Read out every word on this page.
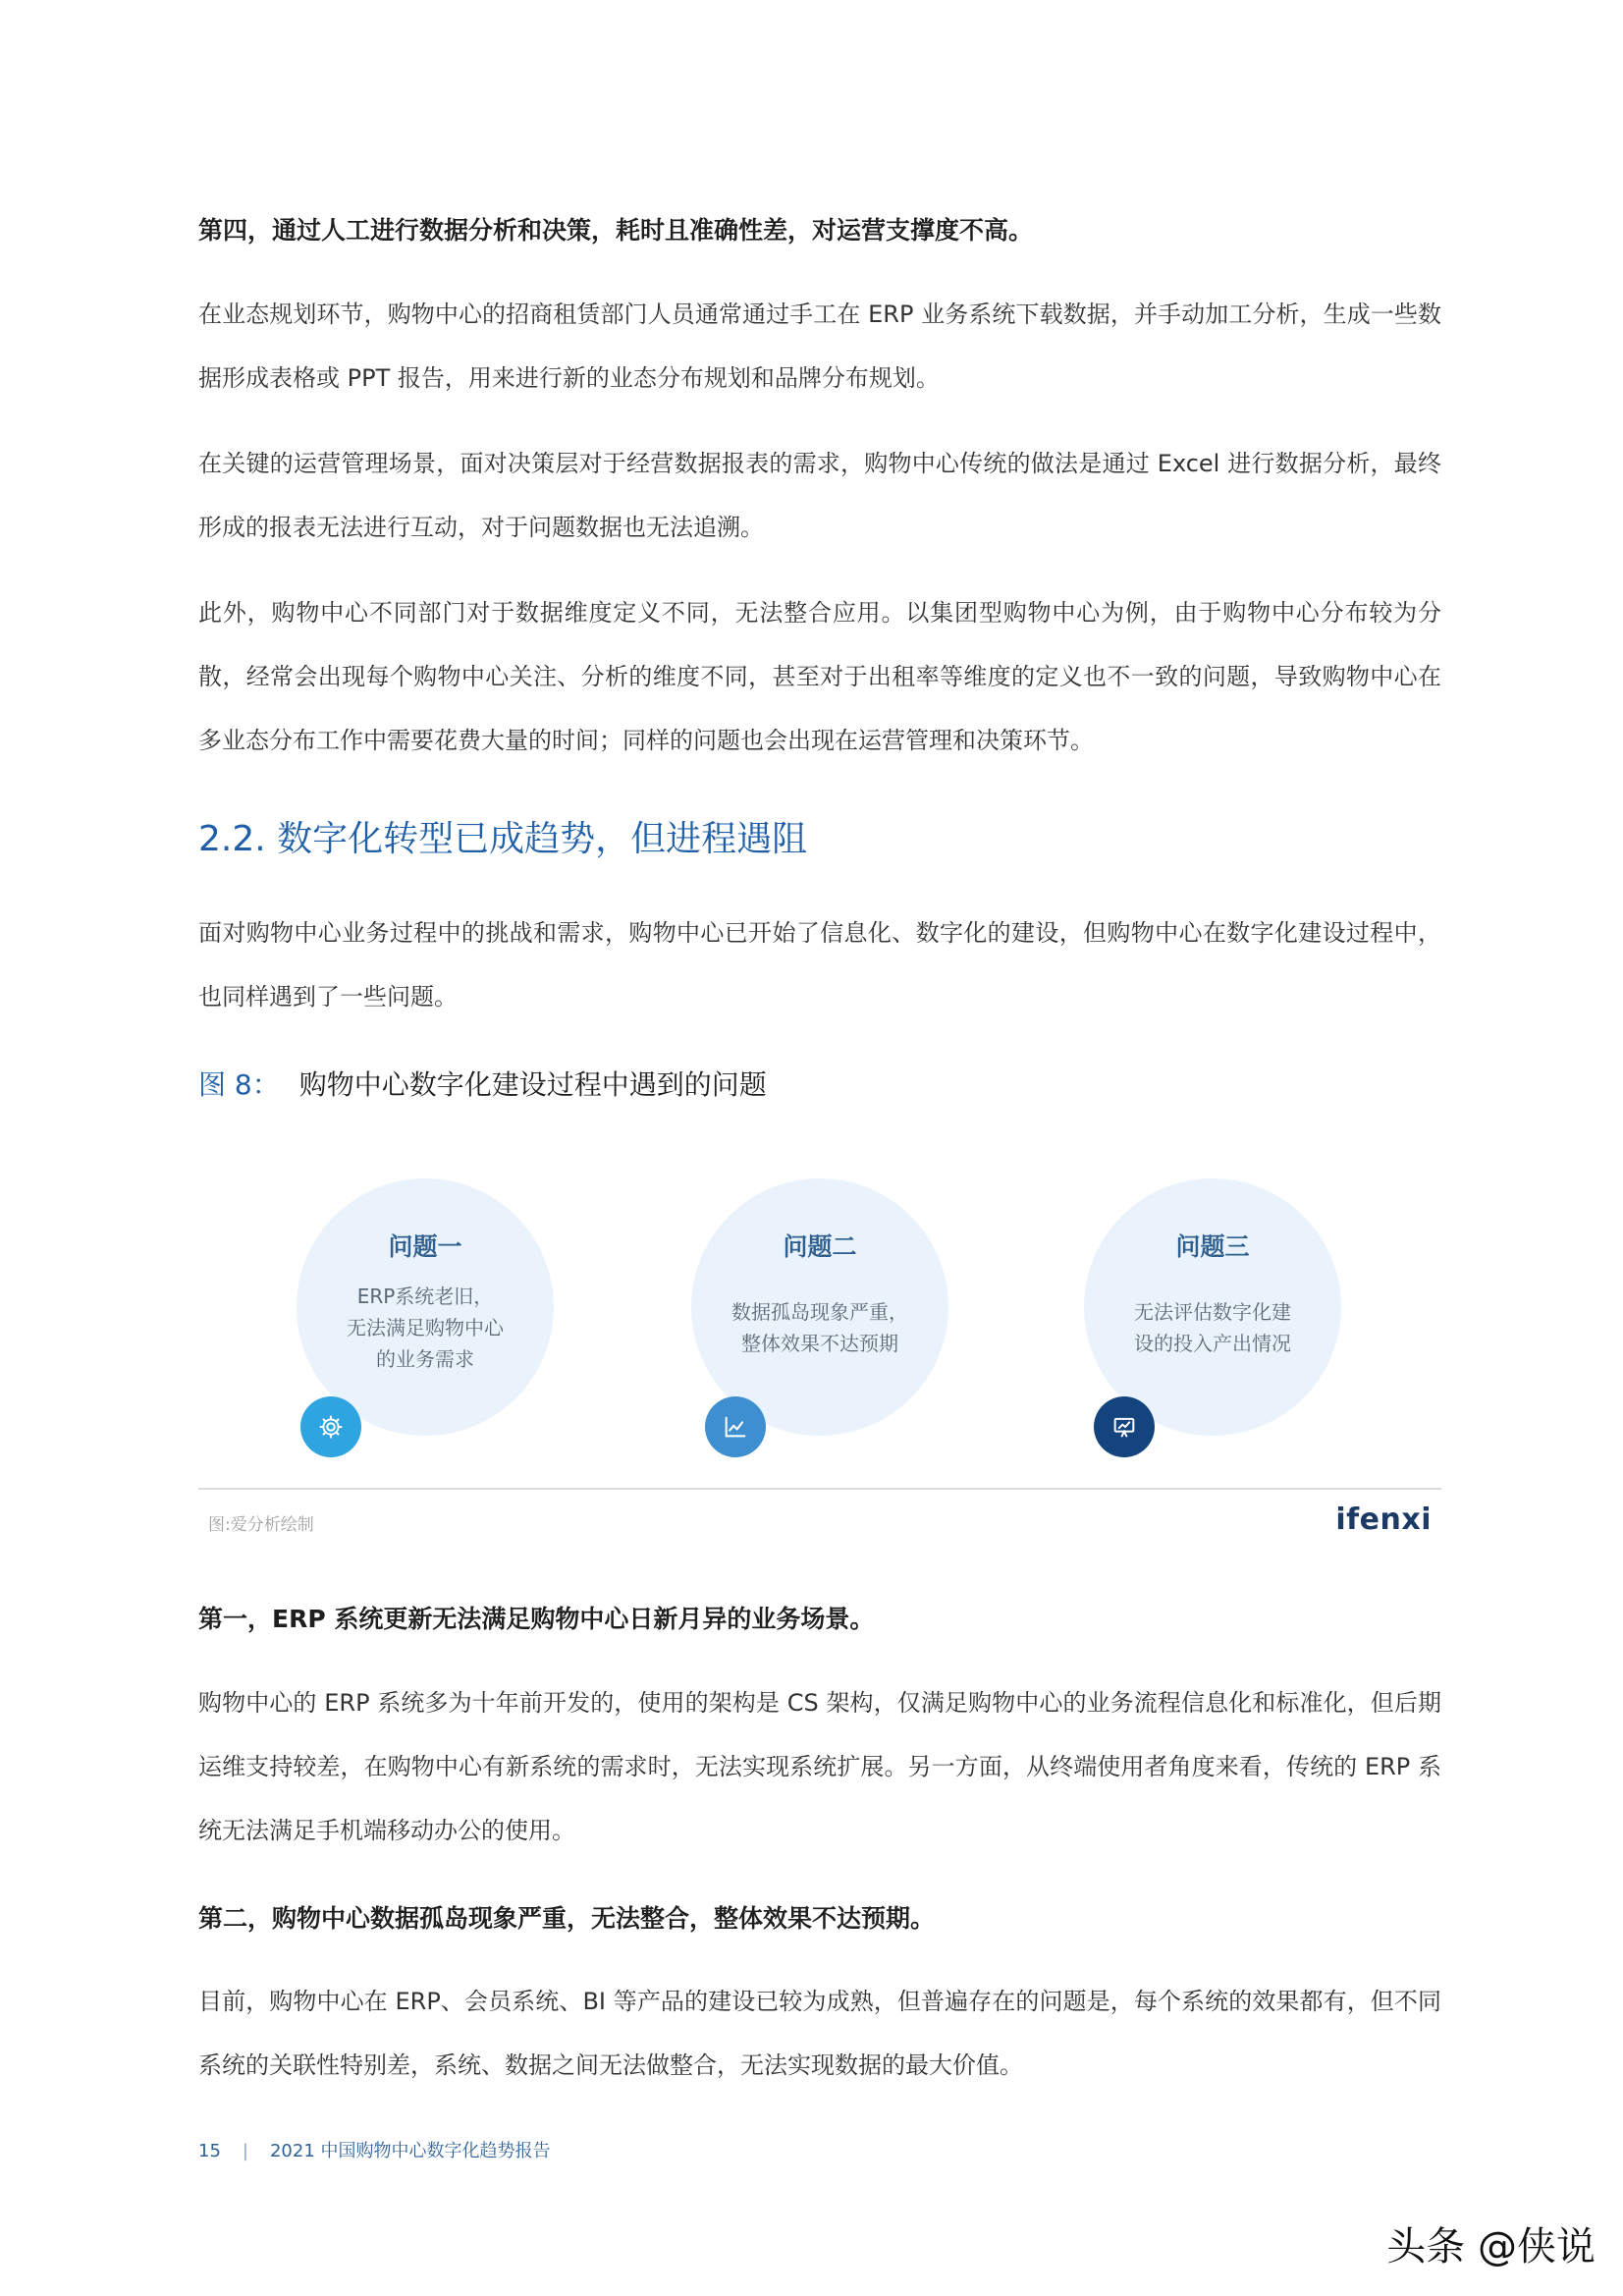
第四，通过人工进行数据分析和决策，耗时且准确性差，对运营支撑度不高。

在业态规划环节，购物中心的招商租赁部门人员通常通过手工在 ERP 业务系统下载数据，并手动加工分析，生成一些数据形成表格或 PPT 报告，用来进行新的业态分布规划和品牌分布规划。

在关键的运营管理场景，面对决策层对于经营数据报表的需求，购物中心传统的做法是通过 Excel 进行数据分析，最终形成的报表无法进行互动，对于问题数据也无法追溯。

此外，购物中心不同部门对于数据维度定义不同，无法整合应用。以集团型购物中心为例，由于购物中心分布较为分散，经常会出现每个购物中心关注、分析的维度不同，甚至对于出租率等维度的定义也不一致的问题，导致购物中心在多业态分布工作中需要花费大量的时间；同样的问题也会出现在运营管理和决策环节。

2.2. 数字化转型已成趋势，但进程遇阻

面对购物中心业务过程中的挑战和需求，购物中心已开始了信息化、数字化的建设，但购物中心在数字化建设过程中，也同样遇到了一些问题。

图 8： 购物中心数字化建设过程中遇到的问题
问题一
ERP系统老旧，
无法满足购物中心
的业务需求
问题二
数据孤岛现象严重，
整体效果不达预期
问题三
无法评估数字化建
设的投入产出情况
图:爱分析绘制	ifenxi
第一，ERP 系统更新无法满足购物中心日新月异的业务场景。

购物中心的 ERP 系统多为十年前开发的，使用的架构是 CS 架构，仅满足购物中心的业务流程信息化和标准化，但后期运维支持较差，在购物中心有新系统的需求时，无法实现系统扩展。另一方面，从终端使用者角度来看，传统的 ERP 系统无法满足手机端移动办公的使用。

第二，购物中心数据孤岛现象严重，无法整合，整体效果不达预期。

目前，购物中心在 ERP、会员系统、BI 等产品的建设已较为成熟，但普遍存在的问题是，每个系统的效果都有，但不同系统的关联性特别差，系统、数据之间无法做整合，无法实现数据的最大价值。

15 | 2021 中国购物中心数字化趋势报告
头条 @侠说
